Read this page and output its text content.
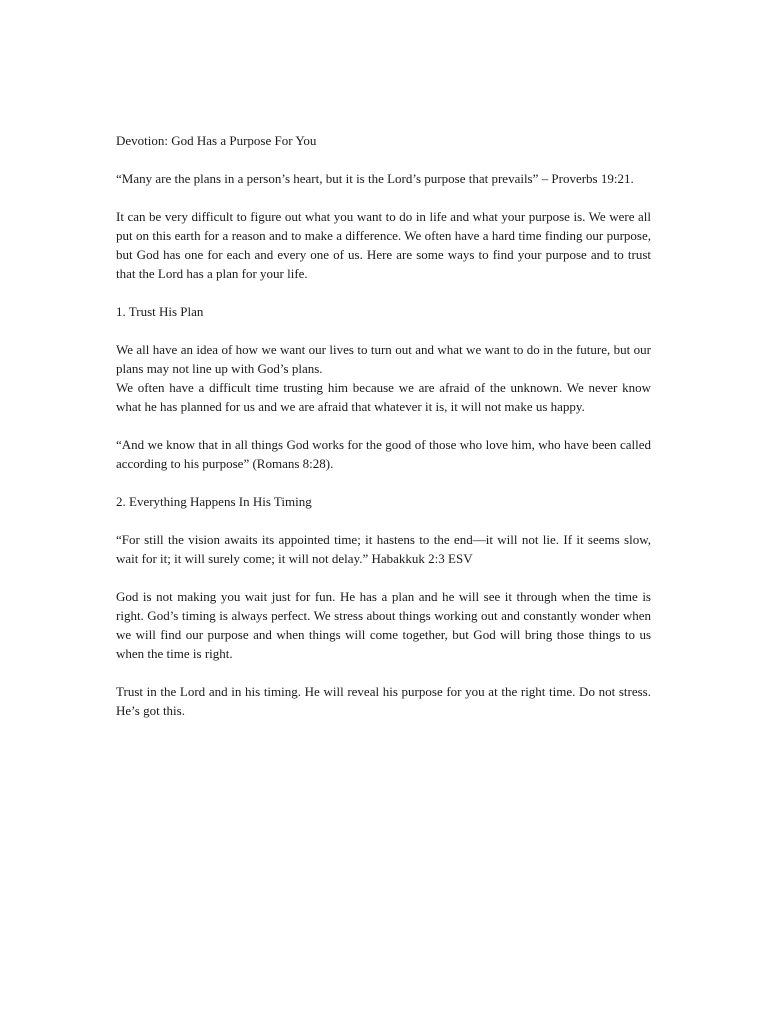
Devotion: God Has a Purpose For You

“Many are the plans in a person’s heart, but it is the Lord’s purpose that prevails” – Proverbs 19:21.

It can be very difficult to figure out what you want to do in life and what your purpose is. We were all put on this earth for a reason and to make a difference. We often have a hard time finding our purpose, but God has one for each and every one of us. Here are some ways to find your purpose and to trust that the Lord has a plan for your life.

1. Trust His Plan

We all have an idea of how we want our lives to turn out and what we want to do in the future, but our plans may not line up with God’s plans.
We often have a difficult time trusting him because we are afraid of the unknown. We never know what he has planned for us and we are afraid that whatever it is, it will not make us happy.

“And we know that in all things God works for the good of those who love him, who have been called according to his purpose” (Romans 8:28).

2. Everything Happens In His Timing

“For still the vision awaits its appointed time; it hastens to the end—it will not lie. If it seems slow, wait for it; it will surely come; it will not delay.” Habakkuk 2:3 ESV

God is not making you wait just for fun. He has a plan and he will see it through when the time is right. God’s timing is always perfect. We stress about things working out and constantly wonder when we will find our purpose and when things will come together, but God will bring those things to us when the time is right.

Trust in the Lord and in his timing. He will reveal his purpose for you at the right time. Do not stress. He’s got this.
